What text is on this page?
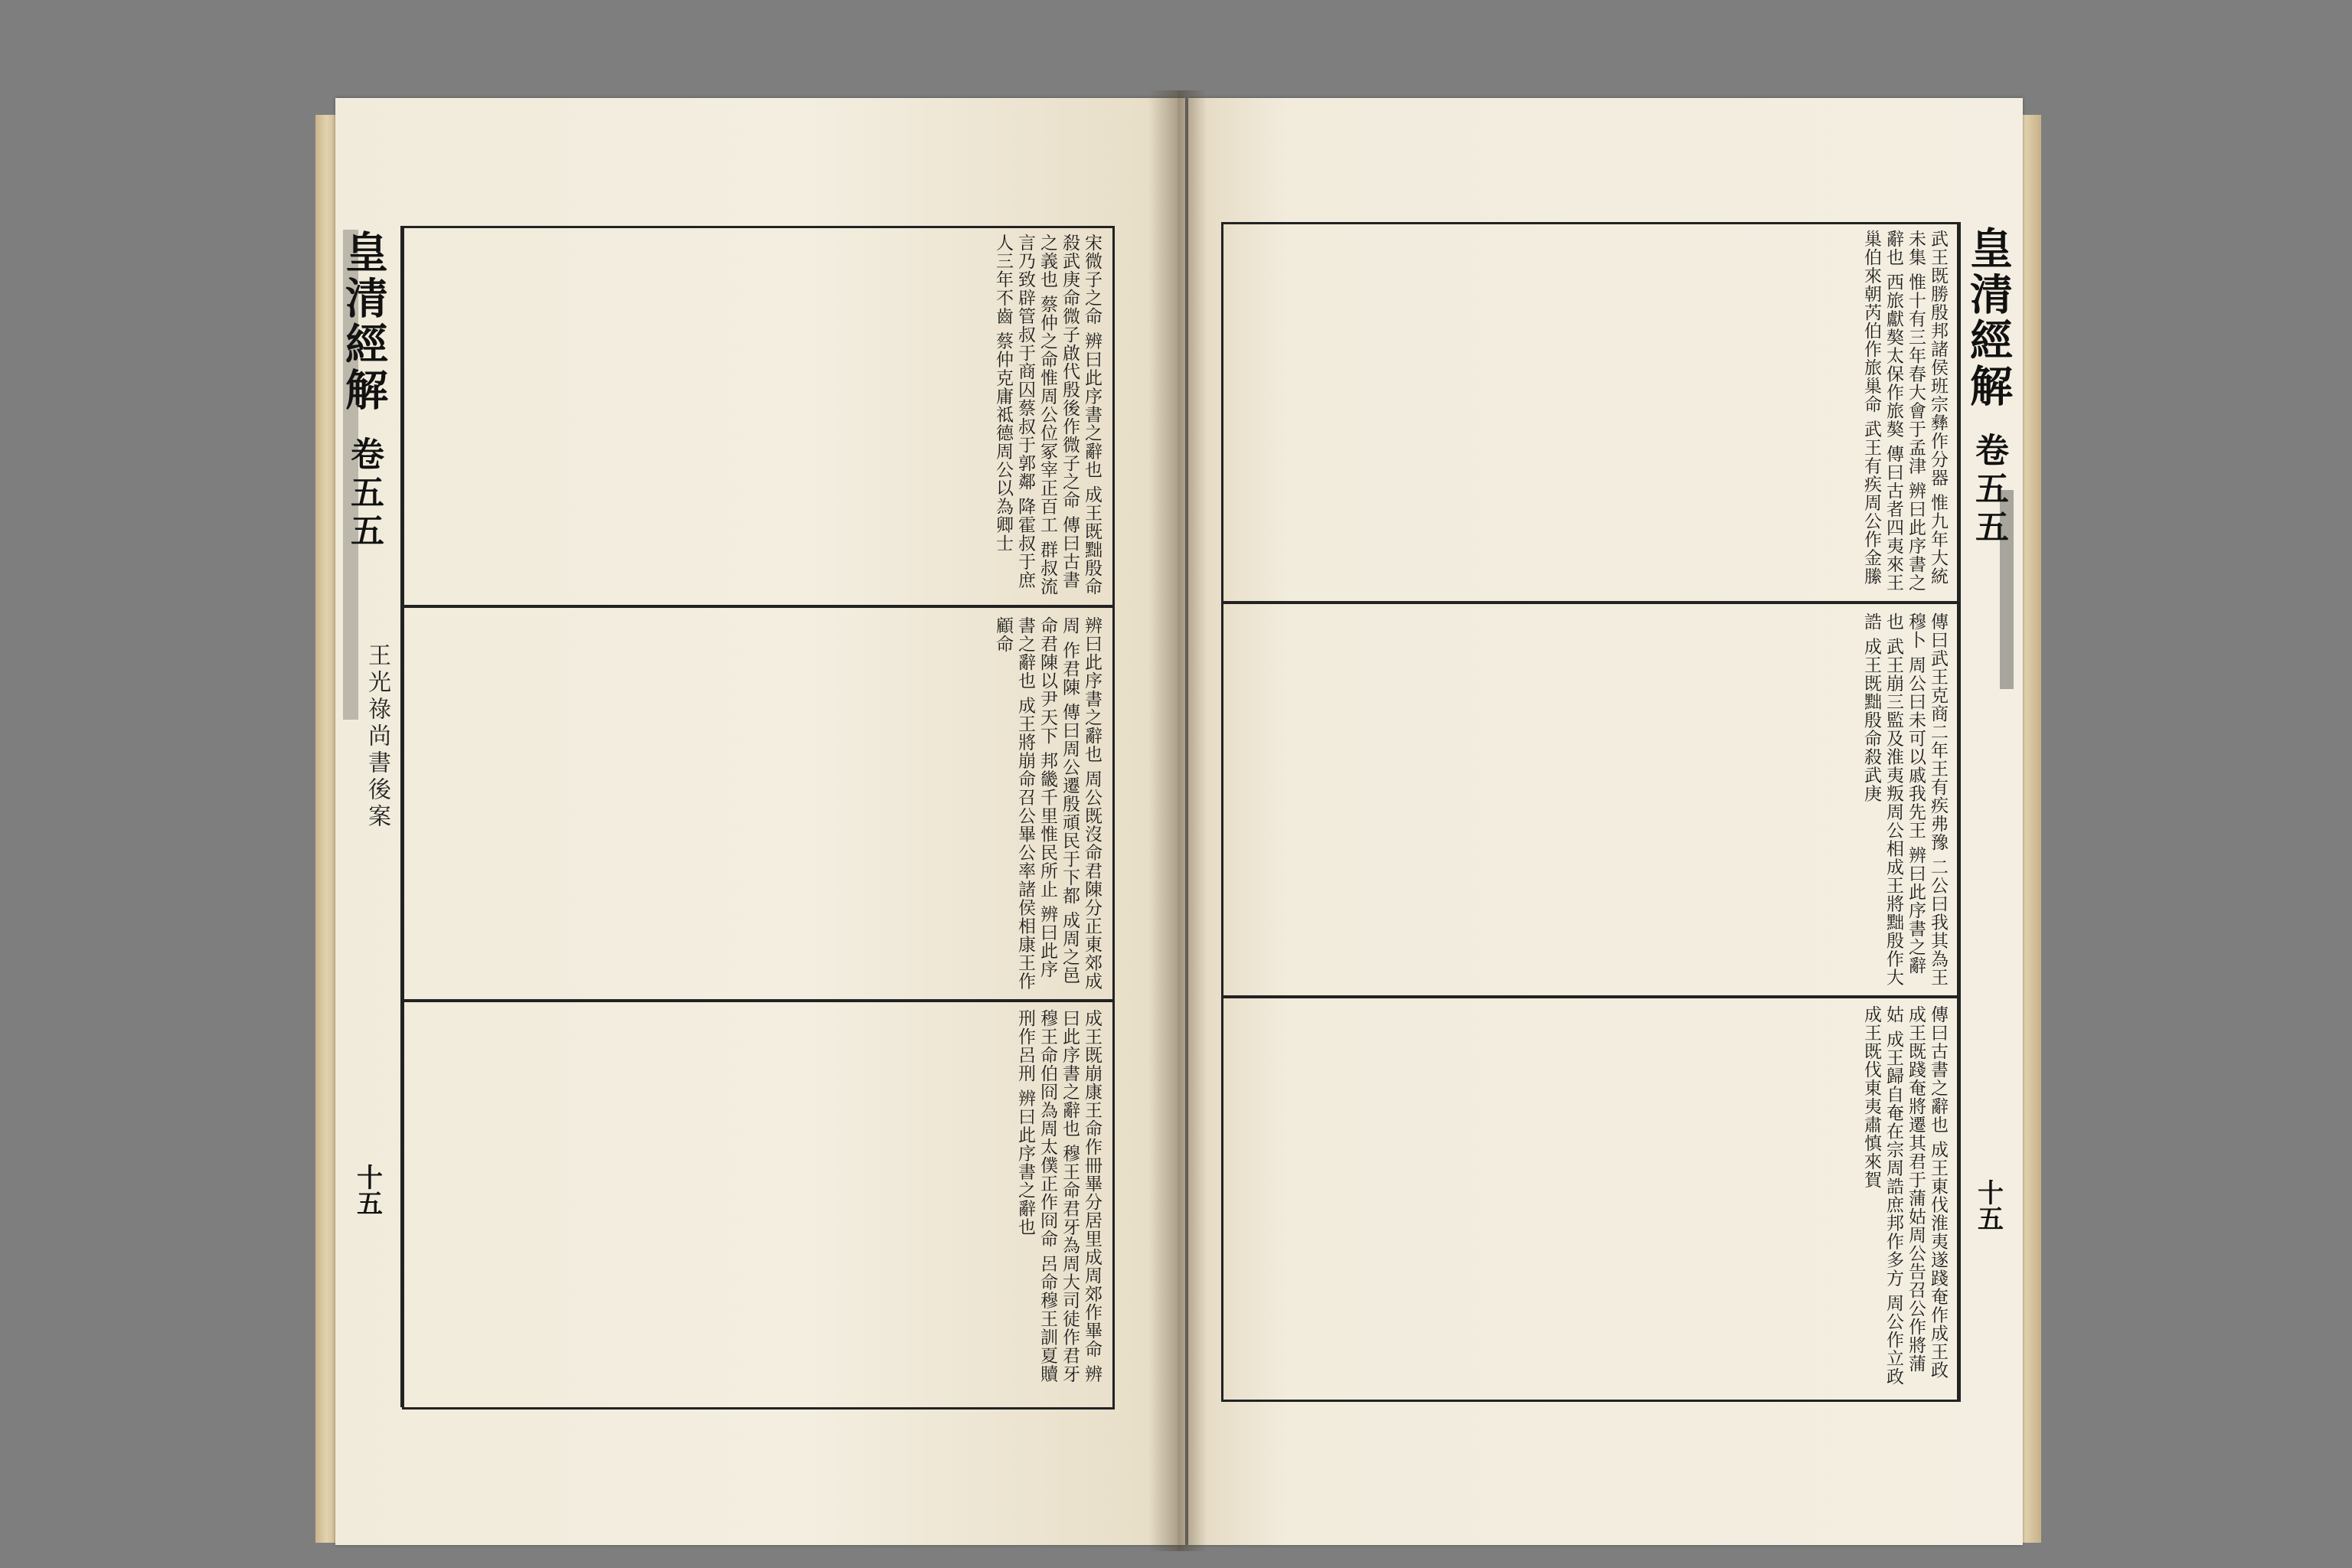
宋微子之命 辨曰此序書之辭也 成王既黜殷命殺武庚命微子啟代殷後作微子之命 傳曰古書之義也 蔡仲之命惟周公位冢宰正百工 群叔流言乃致辟管叔于商囚蔡叔于郭鄰 降霍叔于庶人三年不齒 蔡仲克庸祗德周公以為卿士
辨曰此序書之辭也 周公既沒命君陳分正東郊成周 作君陳 傳曰周公遷殷頑民于下都 成周之邑命君陳以尹天下 邦畿千里惟民所止 辨曰此序書之辭也 成王將崩命召公畢公率諸侯相康王作顧命
成王既崩康王命作冊畢分居里成周郊作畢命 辨曰此序書之辭也 穆王命君牙為周大司徒作君牙 穆王命伯冏為周太僕正作冏命 呂命穆王訓夏贖刑作呂刑 辨曰此序書之辭也
皇清經解
卷五五
王光祿尚書後案
十五
武王既勝殷邦諸侯班宗彝作分器 惟九年大統未集 惟十有三年春大會于孟津 辨曰此序書之辭也 西旅獻獒太保作旅獒 傳曰古者四夷來王 巢伯來朝芮伯作旅巢命 武王有疾周公作金縢
傳曰武王克商二年王有疾弗豫 二公曰我其為王穆卜 周公曰未可以戚我先王 辨曰此序書之辭也 武王崩三監及淮夷叛周公相成王將黜殷作大誥 成王既黜殷命殺武庚
傳曰古書之辭也 成王東伐淮夷遂踐奄作成王政 成王既踐奄將遷其君于蒲姑周公告召公作將蒲姑 成王歸自奄在宗周誥庶邦作多方 周公作立政 成王既伐東夷肅慎來賀
皇清經解
卷五五
十五
